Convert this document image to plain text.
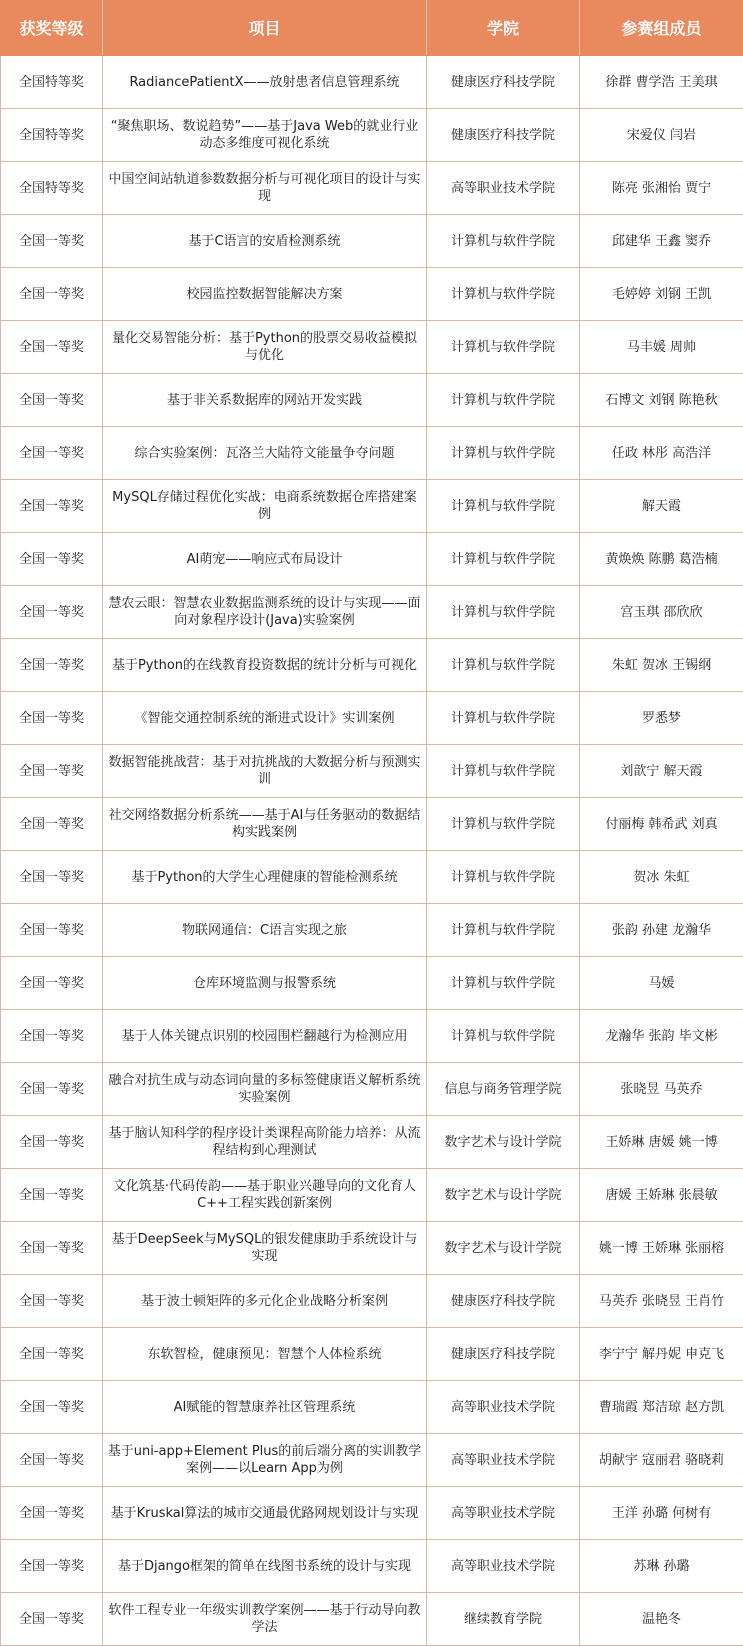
获奖等级	项目	学院	参赛组成员
全国特等奖	RadiancePatientX——放射患者信息管理系统	健康医疗科技学院	徐群 曹学浩 王美琪
全国特等奖	“聚焦职场、数说趋势”——基于Java Web的就业行业动态多维度可视化系统	健康医疗科技学院	宋爱仪 闫岩
全国特等奖	中国空间站轨道参数数据分析与可视化项目的设计与实现	高等职业技术学院	陈亮 张湘怡 贾宁
全国一等奖	基于C语言的安盾检测系统	计算机与软件学院	邱建华 王鑫 窦乔
全国一等奖	校园监控数据智能解决方案	计算机与软件学院	毛婷婷 刘钢 王凯
全国一等奖	量化交易智能分析：基于Python的股票交易收益模拟与优化	计算机与软件学院	马丰媛 周帅
全国一等奖	基于非关系数据库的网站开发实践	计算机与软件学院	石博文 刘钢 陈艳秋
全国一等奖	综合实验案例：瓦洛兰大陆符文能量争夺问题	计算机与软件学院	任政 林彤 高浩洋
全国一等奖	MySQL存储过程优化实战：电商系统数据仓库搭建案例	计算机与软件学院	解天霞
全国一等奖	AI萌宠——响应式布局设计	计算机与软件学院	黄焕焕 陈鹏 葛浩楠
全国一等奖	慧农云眼：智慧农业数据监测系统的设计与实现——面向对象程序设计(Java)实验案例	计算机与软件学院	宫玉琪 邵欣欣
全国一等奖	基于Python的在线教育投资数据的统计分析与可视化	计算机与软件学院	朱虹 贺冰 王锡纲
全国一等奖	《智能交通控制系统的渐进式设计》实训案例	计算机与软件学院	罗悉梦
全国一等奖	数据智能挑战营：基于对抗挑战的大数据分析与预测实训	计算机与软件学院	刘歆宁 解天霞
全国一等奖	社交网络数据分析系统——基于AI与任务驱动的数据结构实践案例	计算机与软件学院	付丽梅 韩希武 刘真
全国一等奖	基于Python的大学生心理健康的智能检测系统	计算机与软件学院	贺冰 朱虹
全国一等奖	物联网通信：C语言实现之旅	计算机与软件学院	张韵 孙建 龙瀚华
全国一等奖	仓库环境监测与报警系统	计算机与软件学院	马媛
全国一等奖	基于人体关键点识别的校园围栏翻越行为检测应用	计算机与软件学院	龙瀚华 张韵 毕文彬
全国一等奖	融合对抗生成与动态词向量的多标签健康语义解析系统实验案例	信息与商务管理学院	张晓昱 马英乔
全国一等奖	基于脑认知科学的程序设计类课程高阶能力培养：从流程结构到心理测试	数字艺术与设计学院	王娇琳 唐媛 姚一博
全国一等奖	文化筑基·代码传韵——基于职业兴趣导向的文化育人C++工程实践创新案例	数字艺术与设计学院	唐媛 王娇琳 张晨敏
全国一等奖	基于DeepSeek与MySQL的银发健康助手系统设计与实现	数字艺术与设计学院	姚一博 王娇琳 张丽榕
全国一等奖	基于波士顿矩阵的多元化企业战略分析案例	健康医疗科技学院	马英乔 张晓昱 王肖竹
全国一等奖	东软智检，健康预见：智慧个人体检系统	健康医疗科技学院	李宁宁 解丹妮 申克飞
全国一等奖	AI赋能的智慧康养社区管理系统	高等职业技术学院	曹瑞霞 郑洁琼 赵方凯
全国一等奖	基于uni-app+Element Plus的前后端分离的实训教学案例——以Learn App为例	高等职业技术学院	胡献宇 寇丽君 骆晓莉
全国一等奖	基于Kruskal算法的城市交通最优路网规划设计与实现	高等职业技术学院	王洋 孙璐 何树有
全国一等奖	基于Django框架的简单在线图书系统的设计与实现	高等职业技术学院	苏琳 孙璐
全国一等奖	软件工程专业一年级实训教学案例——基于行动导向教学法	继续教育学院	温艳冬
